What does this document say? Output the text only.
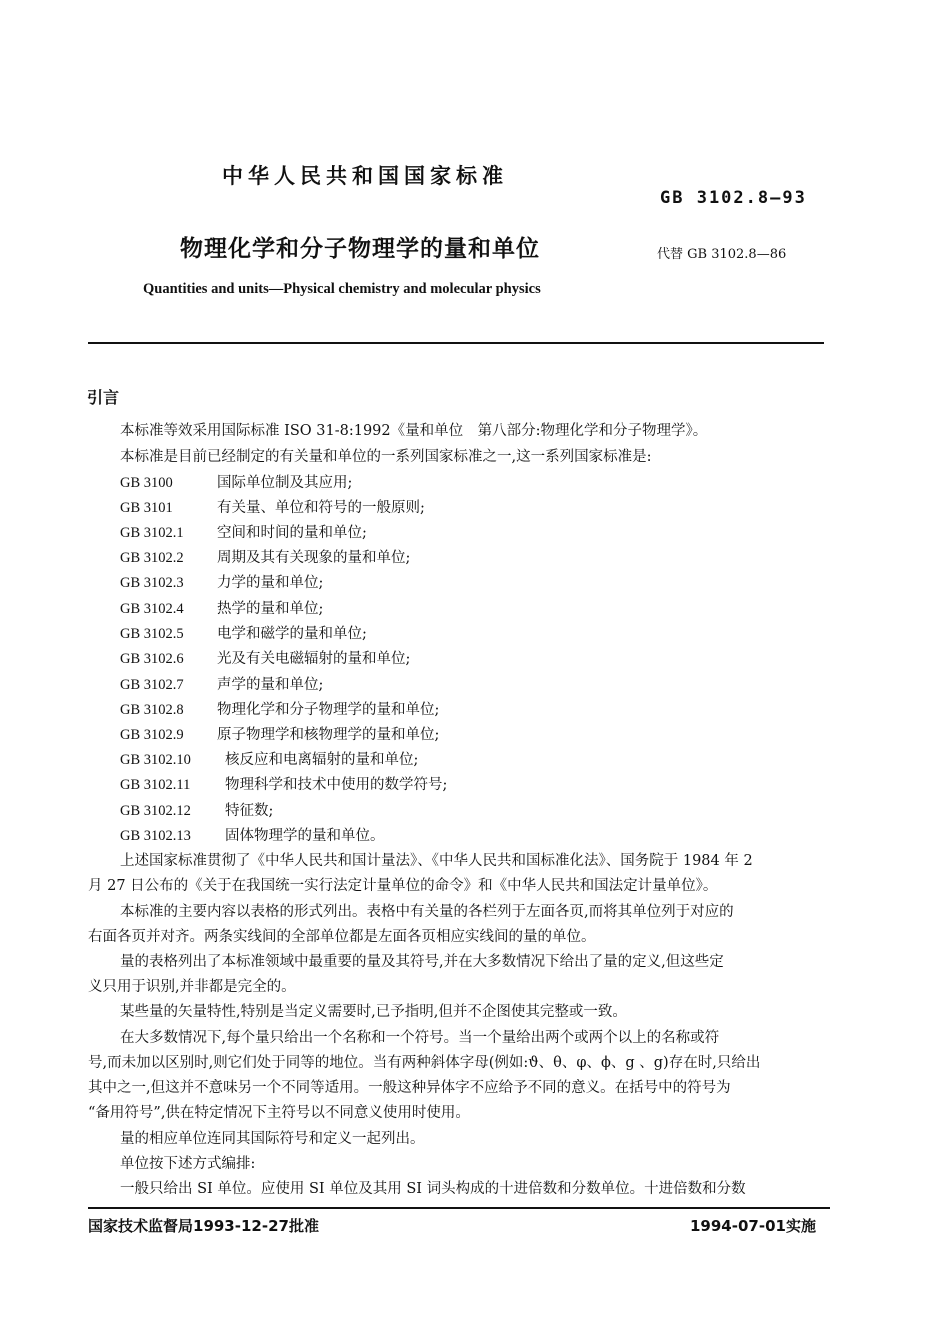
中华人民共和国国家标准
GB 3102.8—93
物理化学和分子物理学的量和单位	代替 GB 3102.8—86
Quantities and units—Physical chemistry and molecular physics
引言
本标准等效采用国际标准 ISO 31-8:1992《量和单位　第八部分:物理化学和分子物理学》。
本标准是目前已经制定的有关量和单位的一系列国家标准之一,这一系列国家标准是:
GB 3100	国际单位制及其应用;
GB 3101	有关量、单位和符号的一般原则;
GB 3102.1 空间和时间的量和单位;
GB 3102.2 周期及其有关现象的量和单位;
GB 3102.3 力学的量和单位;
GB 3102.4 热学的量和单位;
GB 3102.5 电学和磁学的量和单位;
GB 3102.6 光及有关电磁辐射的量和单位;
GB 3102.7 声学的量和单位;
GB 3102.8 物理化学和分子物理学的量和单位;
GB 3102.9 原子物理学和核物理学的量和单位;
GB 3102.10 核反应和电离辐射的量和单位;
GB 3102.11 物理科学和技术中使用的数学符号;
GB 3102.12 特征数;
GB 3102.13 固体物理学的量和单位。
上述国家标准贯彻了《中华人民共和国计量法》、《中华人民共和国标准化法》、国务院于 1984 年 2
月 27 日公布的《关于在我国统一实行法定计量单位的命令》和《中华人民共和国法定计量单位》。
本标准的主要内容以表格的形式列出。表格中有关量的各栏列于左面各页,而将其单位列于对应的
右面各页并对齐。两条实线间的全部单位都是左面各页相应实线间的量的单位。
量的表格列出了本标准领域中最重要的量及其符号,并在大多数情况下给出了量的定义,但这些定
义只用于识别,并非都是完全的。
某些量的矢量特性,特别是当定义需要时,已予指明,但并不企图使其完整或一致。
在大多数情况下,每个量只给出一个名称和一个符号。当一个量给出两个或两个以上的名称或符
号,而未加以区别时,则它们处于同等的地位。当有两种斜体字母(例如:ϑ、θ、φ、ϕ、g 、g)存在时,只给出
其中之一,但这并不意味另一个不同等适用。一般这种异体字不应给予不同的意义。在括号中的符号为
“备用符号”,供在特定情况下主符号以不同意义使用时使用。
量的相应单位连同其国际符号和定义一起列出。
单位按下述方式编排:
一般只给出 SI 单位。应使用 SI 单位及其用 SI 词头构成的十进倍数和分数单位。十进倍数和分数
国家技术监督局1993-12-27批准	1994-07-01实施
